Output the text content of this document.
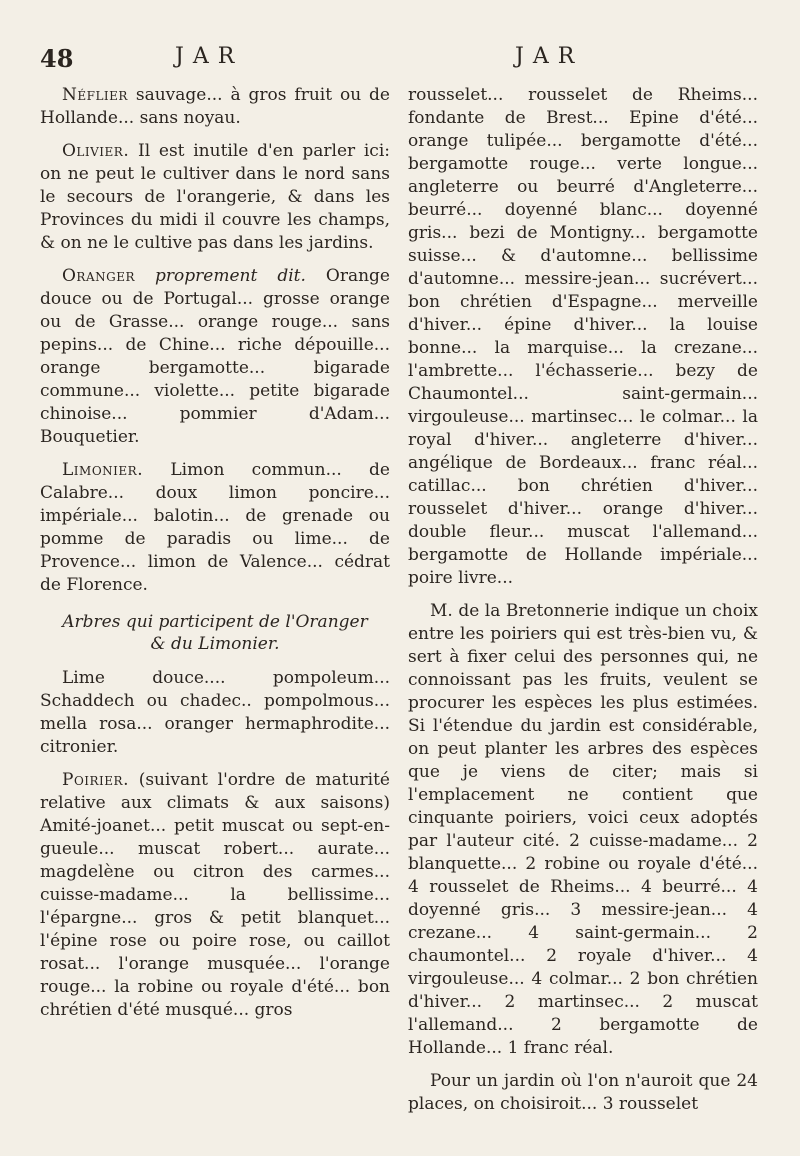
48	JAR	JAR

Néflier sauvage... à gros fruit ou de Hollande... sans noyau.

Olivier. Il est inutile d'en parler ici: on ne peut le cultiver dans le nord sans le secours de l'orangerie, & dans les Provinces du midi il couvre les champs, & on ne le cultive pas dans les jardins.

Oranger proprement dit. Orange douce ou de Portugal... grosse orange ou de Grasse... orange rouge... sans pepins... de Chine... riche dépouille... orange bergamotte... bigarade commune... violette... petite bigarade chinoise... pommier d'Adam... Bouquetier.

Limonier. Limon commun... de Calabre... doux limon poncire... impériale... balotin... de grenade ou pomme de paradis ou lime... de Provence... limon de Valence... cédrat de Florence.

Arbres qui participent de l'Oranger
& du Limonier.

Lime douce.... pompoleum... Schaddech ou chadec.. pompolmous... mella rosa... oranger hermaphrodite... citronier.

Poirier. (suivant l'ordre de maturité relative aux climats & aux saisons) Amité-joanet... petit muscat ou sept-en-gueule... muscat robert... aurate... magdelène ou citron des carmes... cuisse-madame... la bellissime... l'épargne... gros & petit blanquet... l'épine rose ou poire rose, ou caillot rosat... l'orange musquée... l'orange rouge... la robine ou royale d'été... bon chrétien d'été musqué... gros

rousselet... rousselet de Rheims... fondante de Brest... Epine d'été... orange tulipée... bergamotte d'été... bergamotte rouge... verte longue... angleterre ou beurré d'Angleterre... beurré... doyenné blanc... doyenné gris... bezi de Montigny... bergamotte suisse... & d'automne... bellissime d'automne... messire-jean... sucrévert... bon chrétien d'Espagne... merveille d'hiver... épine d'hiver... la louise bonne... la marquise... la crezane... l'ambrette... l'échasserie... bezy de Chaumontel... saint-germain... virgouleuse... martinsec... le colmar... la royal d'hiver... angleterre d'hiver... angélique de Bordeaux... franc réal... catillac... bon chrétien d'hiver... rousselet d'hiver... orange d'hiver... double fleur... muscat l'allemand... bergamotte de Hollande impériale... poire livre...

M. de la Bretonnerie indique un choix entre les poiriers qui est très-bien vu, & sert à fixer celui des personnes qui, ne connoissant pas les fruits, veulent se procurer les espèces les plus estimées. Si l'étendue du jardin est considérable, on peut planter les arbres des espèces que je viens de citer; mais si l'emplacement ne contient que cinquante poiriers, voici ceux adoptés par l'auteur cité. 2 cuisse-madame... 2 blanquette... 2 robine ou royale d'été... 4 rousselet de Rheims... 4 beurré... 4 doyenné gris... 3 messire-jean... 4 crezane... 4 saint-germain... 2 chaumontel... 2 royale d'hiver... 4 virgouleuse... 4 colmar... 2 bon chrétien d'hiver... 2 martinsec... 2 muscat l'allemand... 2 bergamotte de Hollande... 1 franc réal.

Pour un jardin où l'on n'auroit que 24 places, on choisiroit... 3 rousselet
